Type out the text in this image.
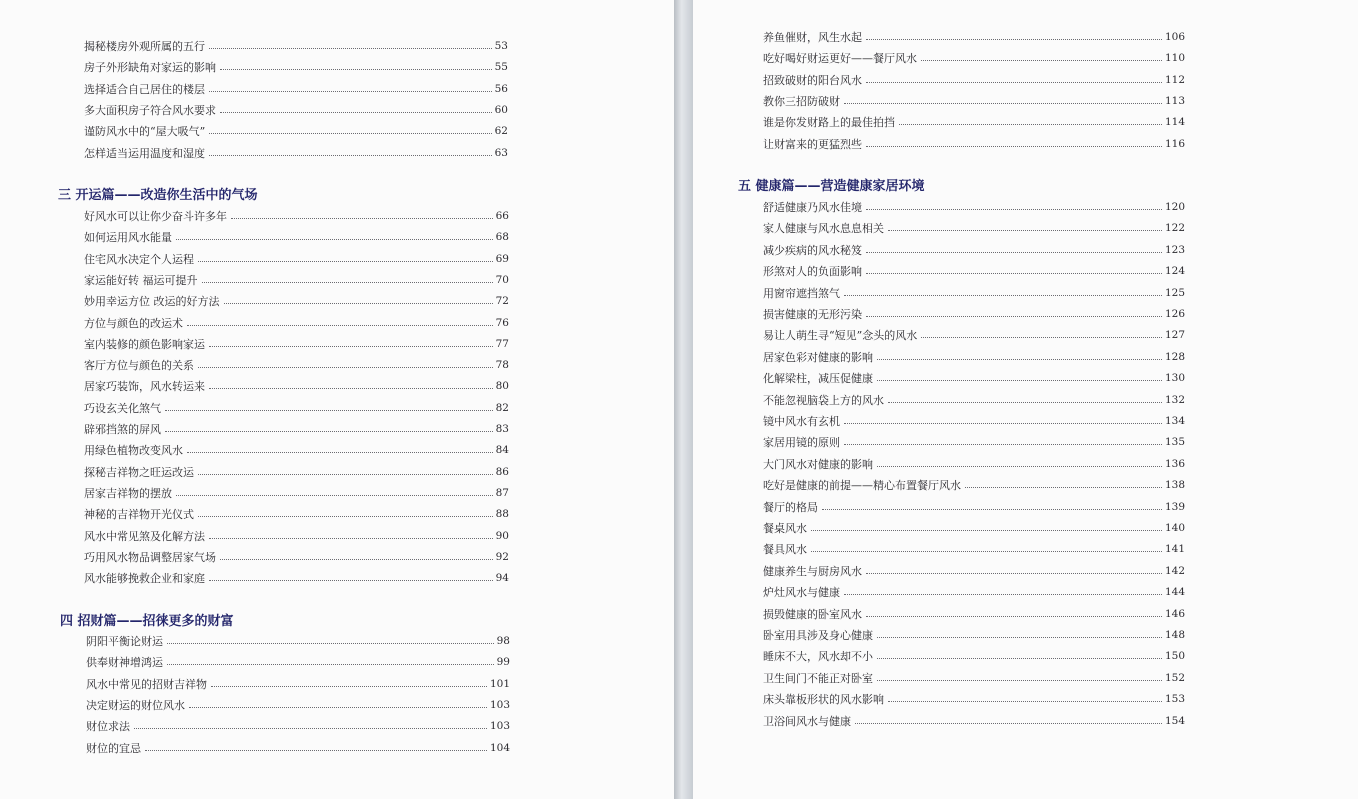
揭秘楼房外观所属的五行	53
房子外形缺角对家运的影响	55
选择适合自己居住的楼层	56
多大面积房子符合风水要求	60
谨防风水中的“屋大吸气”	62
怎样适当运用温度和湿度	63
三 开运篇——改造你生活中的气场
好风水可以让你少奋斗许多年	66
如何运用风水能量	68
住宅风水决定个人运程	69
家运能好转 福运可提升	70
妙用幸运方位 改运的好方法	72
方位与颜色的改运术	76
室内装修的颜色影响家运	77
客厅方位与颜色的关系	78
居家巧装饰，风水转运来	80
巧设玄关化煞气	82
辟邪挡煞的屏风	83
用绿色植物改变风水	84
探秘吉祥物之旺运改运	86
居家吉祥物的摆放	87
神秘的吉祥物开光仪式	88
风水中常见煞及化解方法	90
巧用风水物品调整居家气场	92
风水能够挽救企业和家庭	94
四 招财篇——招徕更多的财富
阴阳平衡论财运	98
供奉财神增鸿运	99
风水中常见的招财吉祥物	101
决定财运的财位风水	103
财位求法	103
财位的宜忌	104
养鱼催财，风生水起	106
吃好喝好财运更好——餐厅风水	110
招致破财的阳台风水	112
教你三招防破财	113
谁是你发财路上的最佳拍挡	114
让财富来的更猛烈些	116
五 健康篇——营造健康家居环境
舒适健康乃风水佳境	120
家人健康与风水息息相关	122
减少疾病的风水秘笈	123
形煞对人的负面影响	124
用窗帘遮挡煞气	125
损害健康的无形污染	126
易让人萌生寻“短见”念头的风水	127
居家色彩对健康的影响	128
化解梁柱，减压促健康	130
不能忽视脑袋上方的风水	132
镜中风水有玄机	134
家居用镜的原则	135
大门风水对健康的影响	136
吃好是健康的前提——精心布置餐厅风水	138
餐厅的格局	139
餐桌风水	140
餐具风水	141
健康养生与厨房风水	142
炉灶风水与健康	144
损毁健康的卧室风水	146
卧室用具涉及身心健康	148
睡床不大，风水却不小	150
卫生间门不能正对卧室	152
床头靠板形状的风水影响	153
卫浴间风水与健康	154
